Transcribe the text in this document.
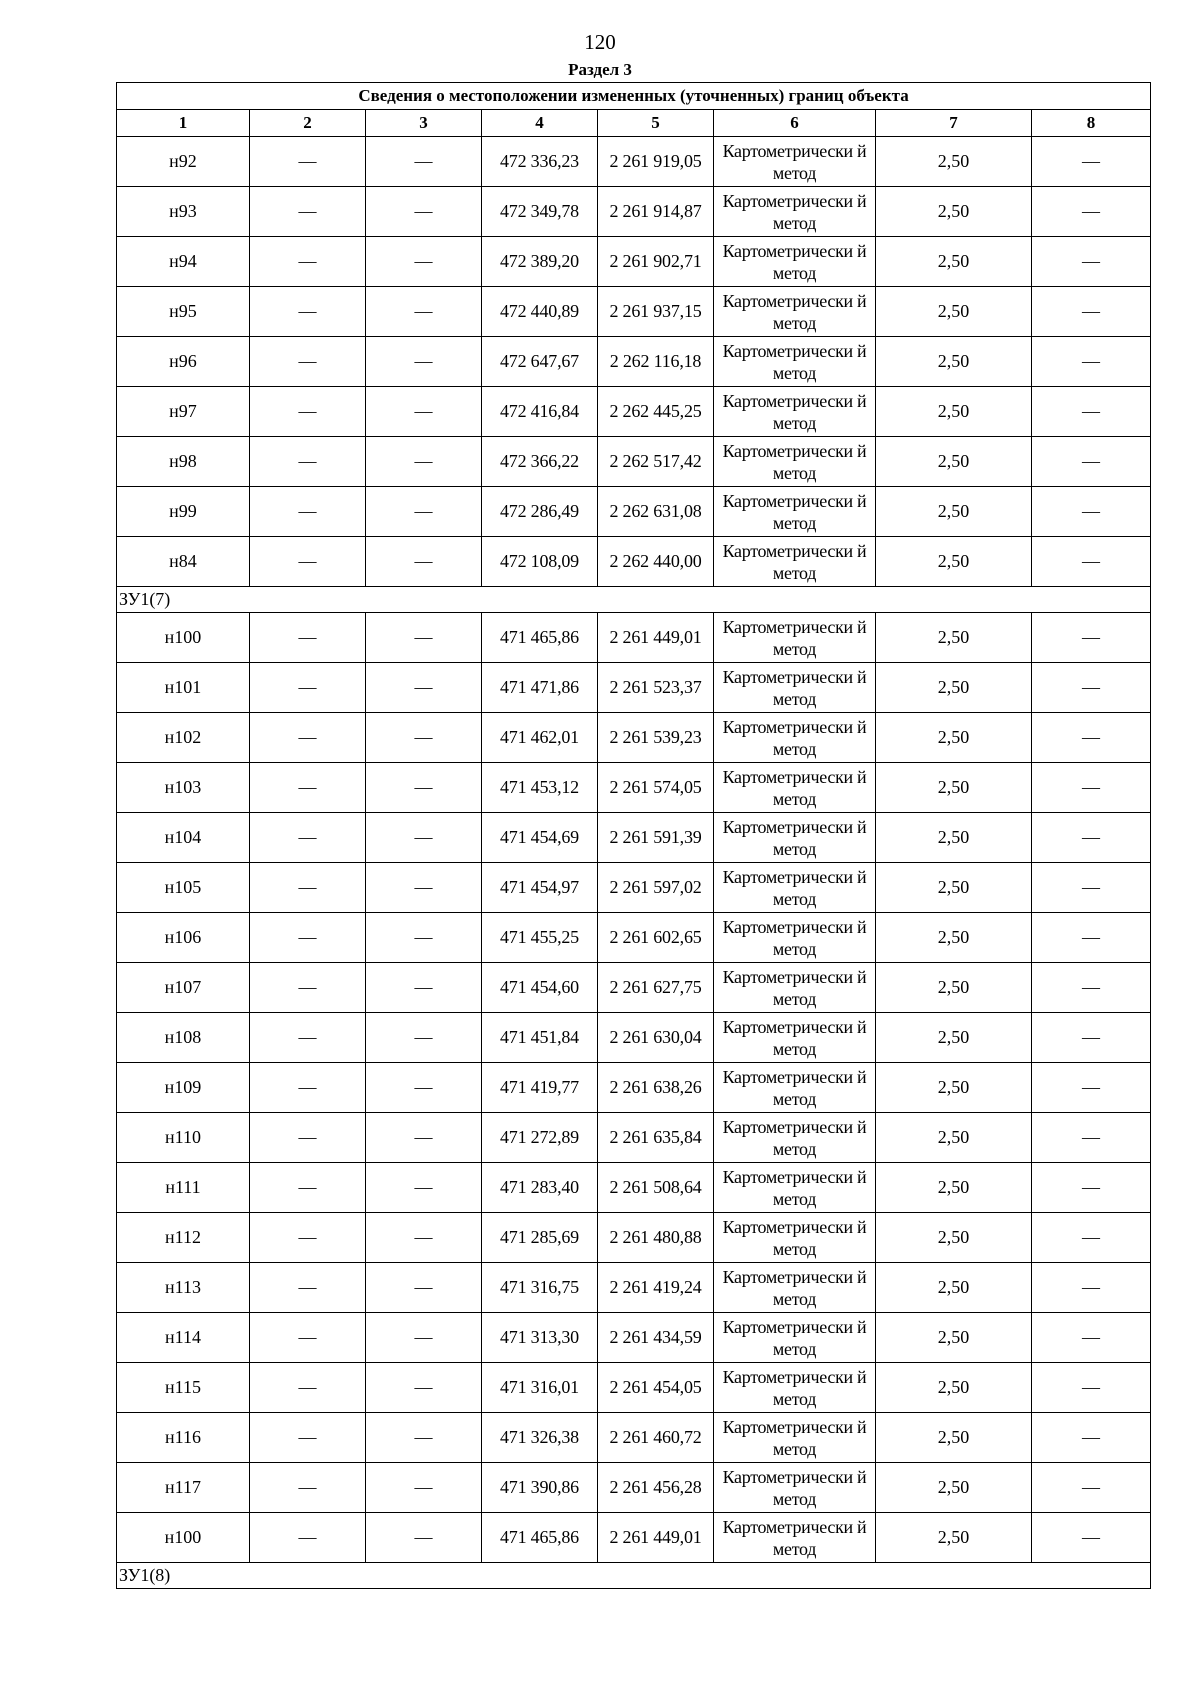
120
Раздел 3
Сведения о местоположении измененных (уточненных) границ объекта							
1	2	3	4	5	6	7	8
н92	—	—	472 336,23	2 261 919,05	Картометрически й метод	2,50	—
н93	—	—	472 349,78	2 261 914,87	Картометрически й метод	2,50	—
н94	—	—	472 389,20	2 261 902,71	Картометрически й метод	2,50	—
н95	—	—	472 440,89	2 261 937,15	Картометрически й метод	2,50	—
н96	—	—	472 647,67	2 262 116,18	Картометрически й метод	2,50	—
н97	—	—	472 416,84	2 262 445,25	Картометрически й метод	2,50	—
н98	—	—	472 366,22	2 262 517,42	Картометрически й метод	2,50	—
н99	—	—	472 286,49	2 262 631,08	Картометрически й метод	2,50	—
н84	—	—	472 108,09	2 262 440,00	Картометрически й метод	2,50	—
ЗУ1(7)							
н100	—	—	471 465,86	2 261 449,01	Картометрически й метод	2,50	—
н101	—	—	471 471,86	2 261 523,37	Картометрически й метод	2,50	—
н102	—	—	471 462,01	2 261 539,23	Картометрически й метод	2,50	—
н103	—	—	471 453,12	2 261 574,05	Картометрически й метод	2,50	—
н104	—	—	471 454,69	2 261 591,39	Картометрически й метод	2,50	—
н105	—	—	471 454,97	2 261 597,02	Картометрически й метод	2,50	—
н106	—	—	471 455,25	2 261 602,65	Картометрически й метод	2,50	—
н107	—	—	471 454,60	2 261 627,75	Картометрически й метод	2,50	—
н108	—	—	471 451,84	2 261 630,04	Картометрически й метод	2,50	—
н109	—	—	471 419,77	2 261 638,26	Картометрически й метод	2,50	—
н110	—	—	471 272,89	2 261 635,84	Картометрически й метод	2,50	—
н111	—	—	471 283,40	2 261 508,64	Картометрически й метод	2,50	—
н112	—	—	471 285,69	2 261 480,88	Картометрически й метод	2,50	—
н113	—	—	471 316,75	2 261 419,24	Картометрически й метод	2,50	—
н114	—	—	471 313,30	2 261 434,59	Картометрически й метод	2,50	—
н115	—	—	471 316,01	2 261 454,05	Картометрически й метод	2,50	—
н116	—	—	471 326,38	2 261 460,72	Картометрически й метод	2,50	—
н117	—	—	471 390,86	2 261 456,28	Картометрически й метод	2,50	—
н100	—	—	471 465,86	2 261 449,01	Картометрически й метод	2,50	—
ЗУ1(8)							
